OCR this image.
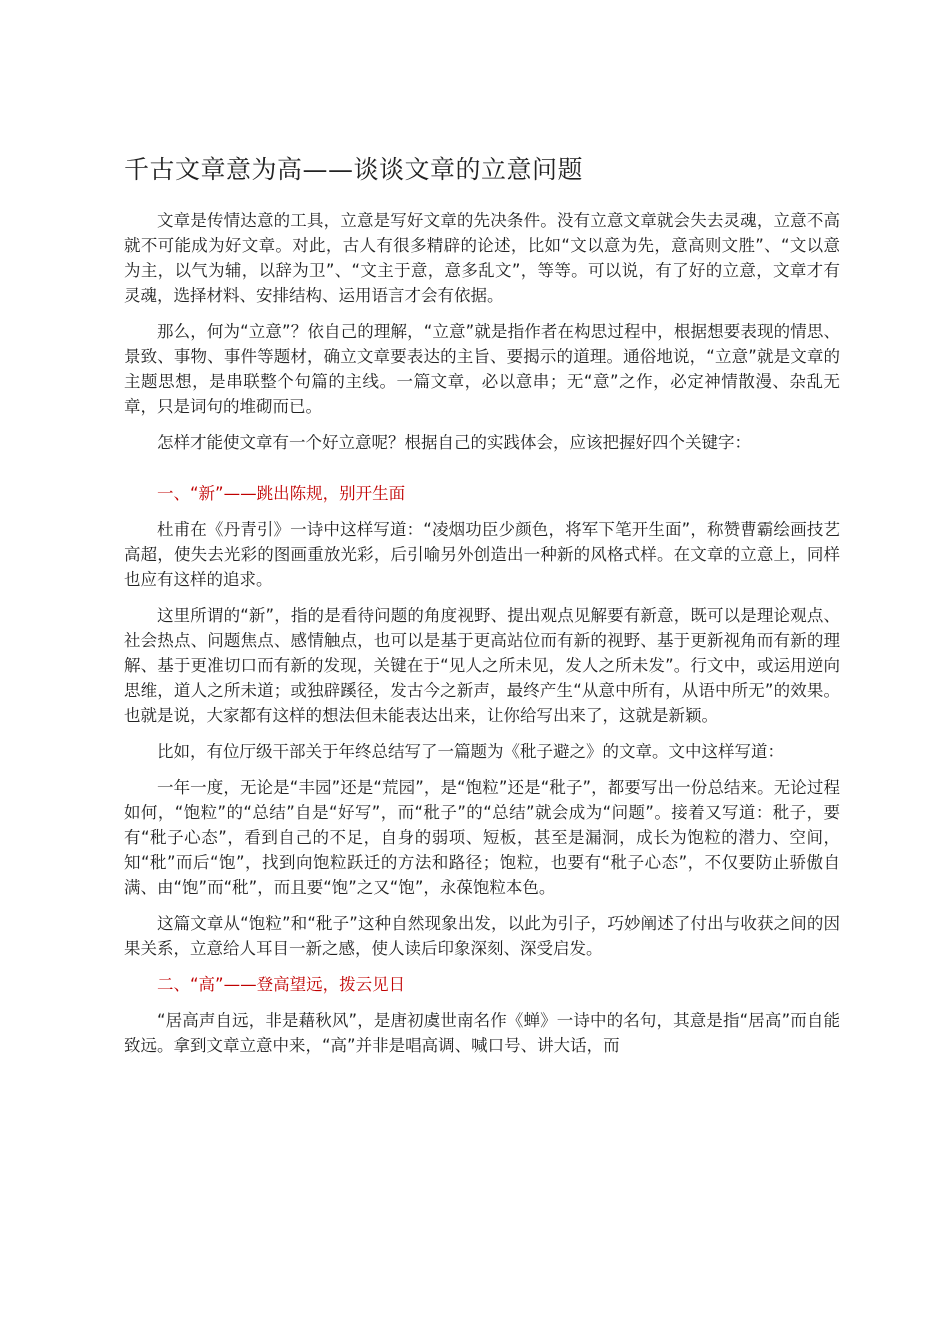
千古文章意为高——谈谈文章的立意问题

文章是传情达意的工具，立意是写好文章的先决条件。没有立意文章就会失去灵魂，立意不高就不可能成为好文章。对此，古人有很多精辟的论述，比如“文以意为先，意高则文胜”、“文以意为主，以气为辅，以辞为卫”、“文主于意，意多乱文”，等等。可以说，有了好的立意，文章才有灵魂，选择材料、安排结构、运用语言才会有依据。

那么，何为“立意”？依自己的理解，“立意”就是指作者在构思过程中，根据想要表现的情思、景致、事物、事件等题材，确立文章要表达的主旨、要揭示的道理。通俗地说，“立意”就是文章的主题思想，是串联整个句篇的主线。一篇文章，必以意串；无“意”之作，必定神情散漫、杂乱无章，只是词句的堆砌而已。

怎样才能使文章有一个好立意呢？根据自己的实践体会，应该把握好四个关键字：

一、“新”——跳出陈规，别开生面

杜甫在《丹青引》一诗中这样写道：“凌烟功臣少颜色，将军下笔开生面”，称赞曹霸绘画技艺高超，使失去光彩的图画重放光彩，后引喻另外创造出一种新的风格式样。在文章的立意上，同样也应有这样的追求。

这里所谓的“新”，指的是看待问题的角度视野、提出观点见解要有新意，既可以是理论观点、社会热点、问题焦点、感情触点，也可以是基于更高站位而有新的视野、基于更新视角而有新的理解、基于更准切口而有新的发现，关键在于“见人之所未见，发人之所未发”。行文中，或运用逆向思维，道人之所未道；或独辟蹊径，发古今之新声，最终产生“从意中所有，从语中所无”的效果。也就是说，大家都有这样的想法但未能表达出来，让你给写出来了，这就是新颖。

比如，有位厅级干部关于年终总结写了一篇题为《秕子避之》的文章。文中这样写道：

一年一度，无论是“丰园”还是“荒园”，是“饱粒”还是“秕子”，都要写出一份总结来。无论过程如何，“饱粒”的“总结”自是“好写”，而“秕子”的“总结”就会成为“问题”。接着又写道：秕子，要有“秕子心态”，看到自己的不足，自身的弱项、短板，甚至是漏洞，成长为饱粒的潜力、空间，知“秕”而后“饱”，找到向饱粒跃迁的方法和路径；饱粒，也要有“秕子心态”，不仅要防止骄傲自满、由“饱”而“秕”，而且要“饱”之又“饱”，永葆饱粒本色。

这篇文章从“饱粒”和“秕子”这种自然现象出发，以此为引子，巧妙阐述了付出与收获之间的因果关系，立意给人耳目一新之感，使人读后印象深刻、深受启发。

二、“高”——登高望远，拨云见日

“居高声自远，非是藉秋风”，是唐初虞世南名作《蝉》一诗中的名句，其意是指“居高”而自能致远。拿到文章立意中来，“高”并非是唱高调、喊口号、讲大话，而
